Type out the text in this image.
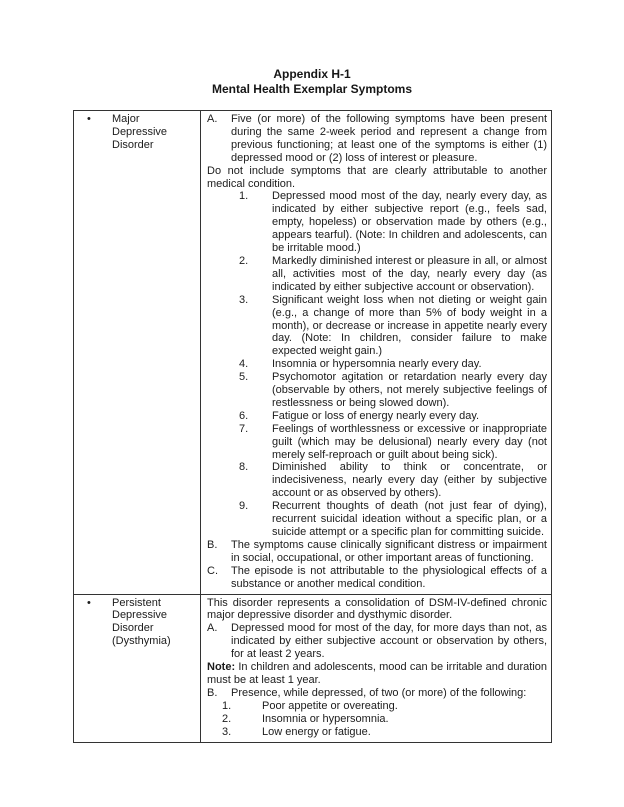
Appendix H-1
Mental Health Exemplar Symptoms
•	Major Depressive Disorder
A.	Five (or more) of the following symptoms have been present during the same 2-week period and represent a change from previous functioning; at least one of the symptoms is either (1) depressed mood or (2) loss of interest or pleasure.
Do not include symptoms that are clearly attributable to another medical condition.
1.	Depressed mood most of the day, nearly every day, as indicated by either subjective report (e.g., feels sad, empty, hopeless) or observation made by others (e.g., appears tearful). (Note: In children and adolescents, can be irritable mood.)
2.	Markedly diminished interest or pleasure in all, or almost all, activities most of the day, nearly every day (as indicated by either subjective account or observation).
3.	Significant weight loss when not dieting or weight gain (e.g., a change of more than 5% of body weight in a month), or decrease or increase in appetite nearly every day. (Note: In children, consider failure to make expected weight gain.)
4.	Insomnia or hypersomnia nearly every day.
5.	Psychomotor agitation or retardation nearly every day (observable by others, not merely subjective feelings of restlessness or being slowed down).
6.	Fatigue or loss of energy nearly every day.
7.	Feelings of worthlessness or excessive or inappropriate guilt (which may be delusional) nearly every day (not merely self-reproach or guilt about being sick).
8.	Diminished ability to think or concentrate, or indecisiveness, nearly every day (either by subjective account or as observed by others).
9.	Recurrent thoughts of death (not just fear of dying), recurrent suicidal ideation without a specific plan, or a suicide attempt or a specific plan for committing suicide.
B.	The symptoms cause clinically significant distress or impairment in social, occupational, or other important areas of functioning.
C.	The episode is not attributable to the physiological effects of a substance or another medical condition.
•	Persistent Depressive Disorder (Dysthymia)
This disorder represents a consolidation of DSM-IV-defined chronic major depressive disorder and dysthymic disorder.
A.	Depressed mood for most of the day, for more days than not, as indicated by either subjective account or observation by others, for at least 2 years.
Note: In children and adolescents, mood can be irritable and duration must be at least 1 year.
B.	Presence, while depressed, of two (or more) of the following:
1.	Poor appetite or overeating.
2.	Insomnia or hypersomnia.
3.	Low energy or fatigue.
